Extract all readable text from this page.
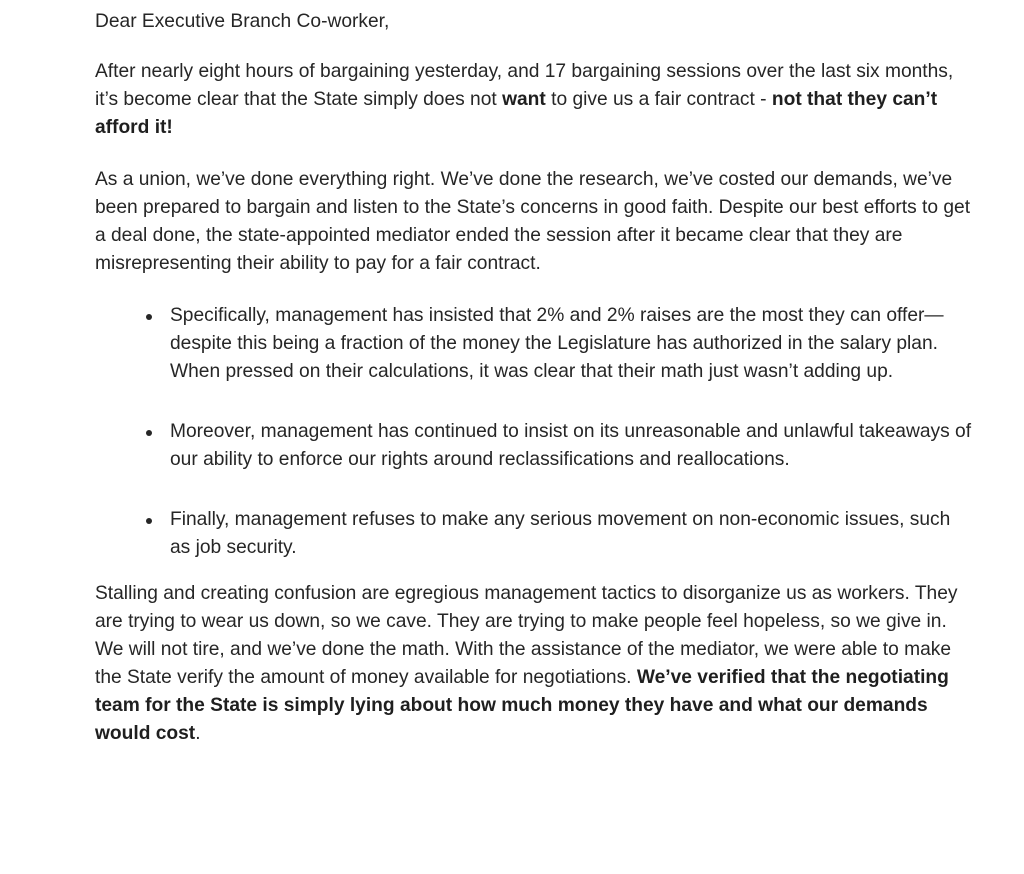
Dear Executive Branch Co-worker,

After nearly eight hours of bargaining yesterday, and 17 bargaining sessions over the last six months, it’s become clear that the State simply does not want to give us a fair contract - not that they can’t afford it!

As a union, we’ve done everything right. We’ve done the research, we’ve costed our demands, we’ve been prepared to bargain and listen to the State’s concerns in good faith. Despite our best efforts to get a deal done, the state-appointed mediator ended the session after it became clear that they are misrepresenting their ability to pay for a fair contract.

Specifically, management has insisted that 2% and 2% raises are the most they can offer—despite this being a fraction of the money the Legislature has authorized in the salary plan. When pressed on their calculations, it was clear that their math just wasn’t adding up.
Moreover, management has continued to insist on its unreasonable and unlawful takeaways of our ability to enforce our rights around reclassifications and reallocations.
Finally, management refuses to make any serious movement on non-economic issues, such as job security.

Stalling and creating confusion are egregious management tactics to disorganize us as workers. They are trying to wear us down, so we cave. They are trying to make people feel hopeless, so we give in. We will not tire, and we’ve done the math. With the assistance of the mediator, we were able to make the State verify the amount of money available for negotiations. We’ve verified that the negotiating team for the State is simply lying about how much money they have and what our demands would cost.
